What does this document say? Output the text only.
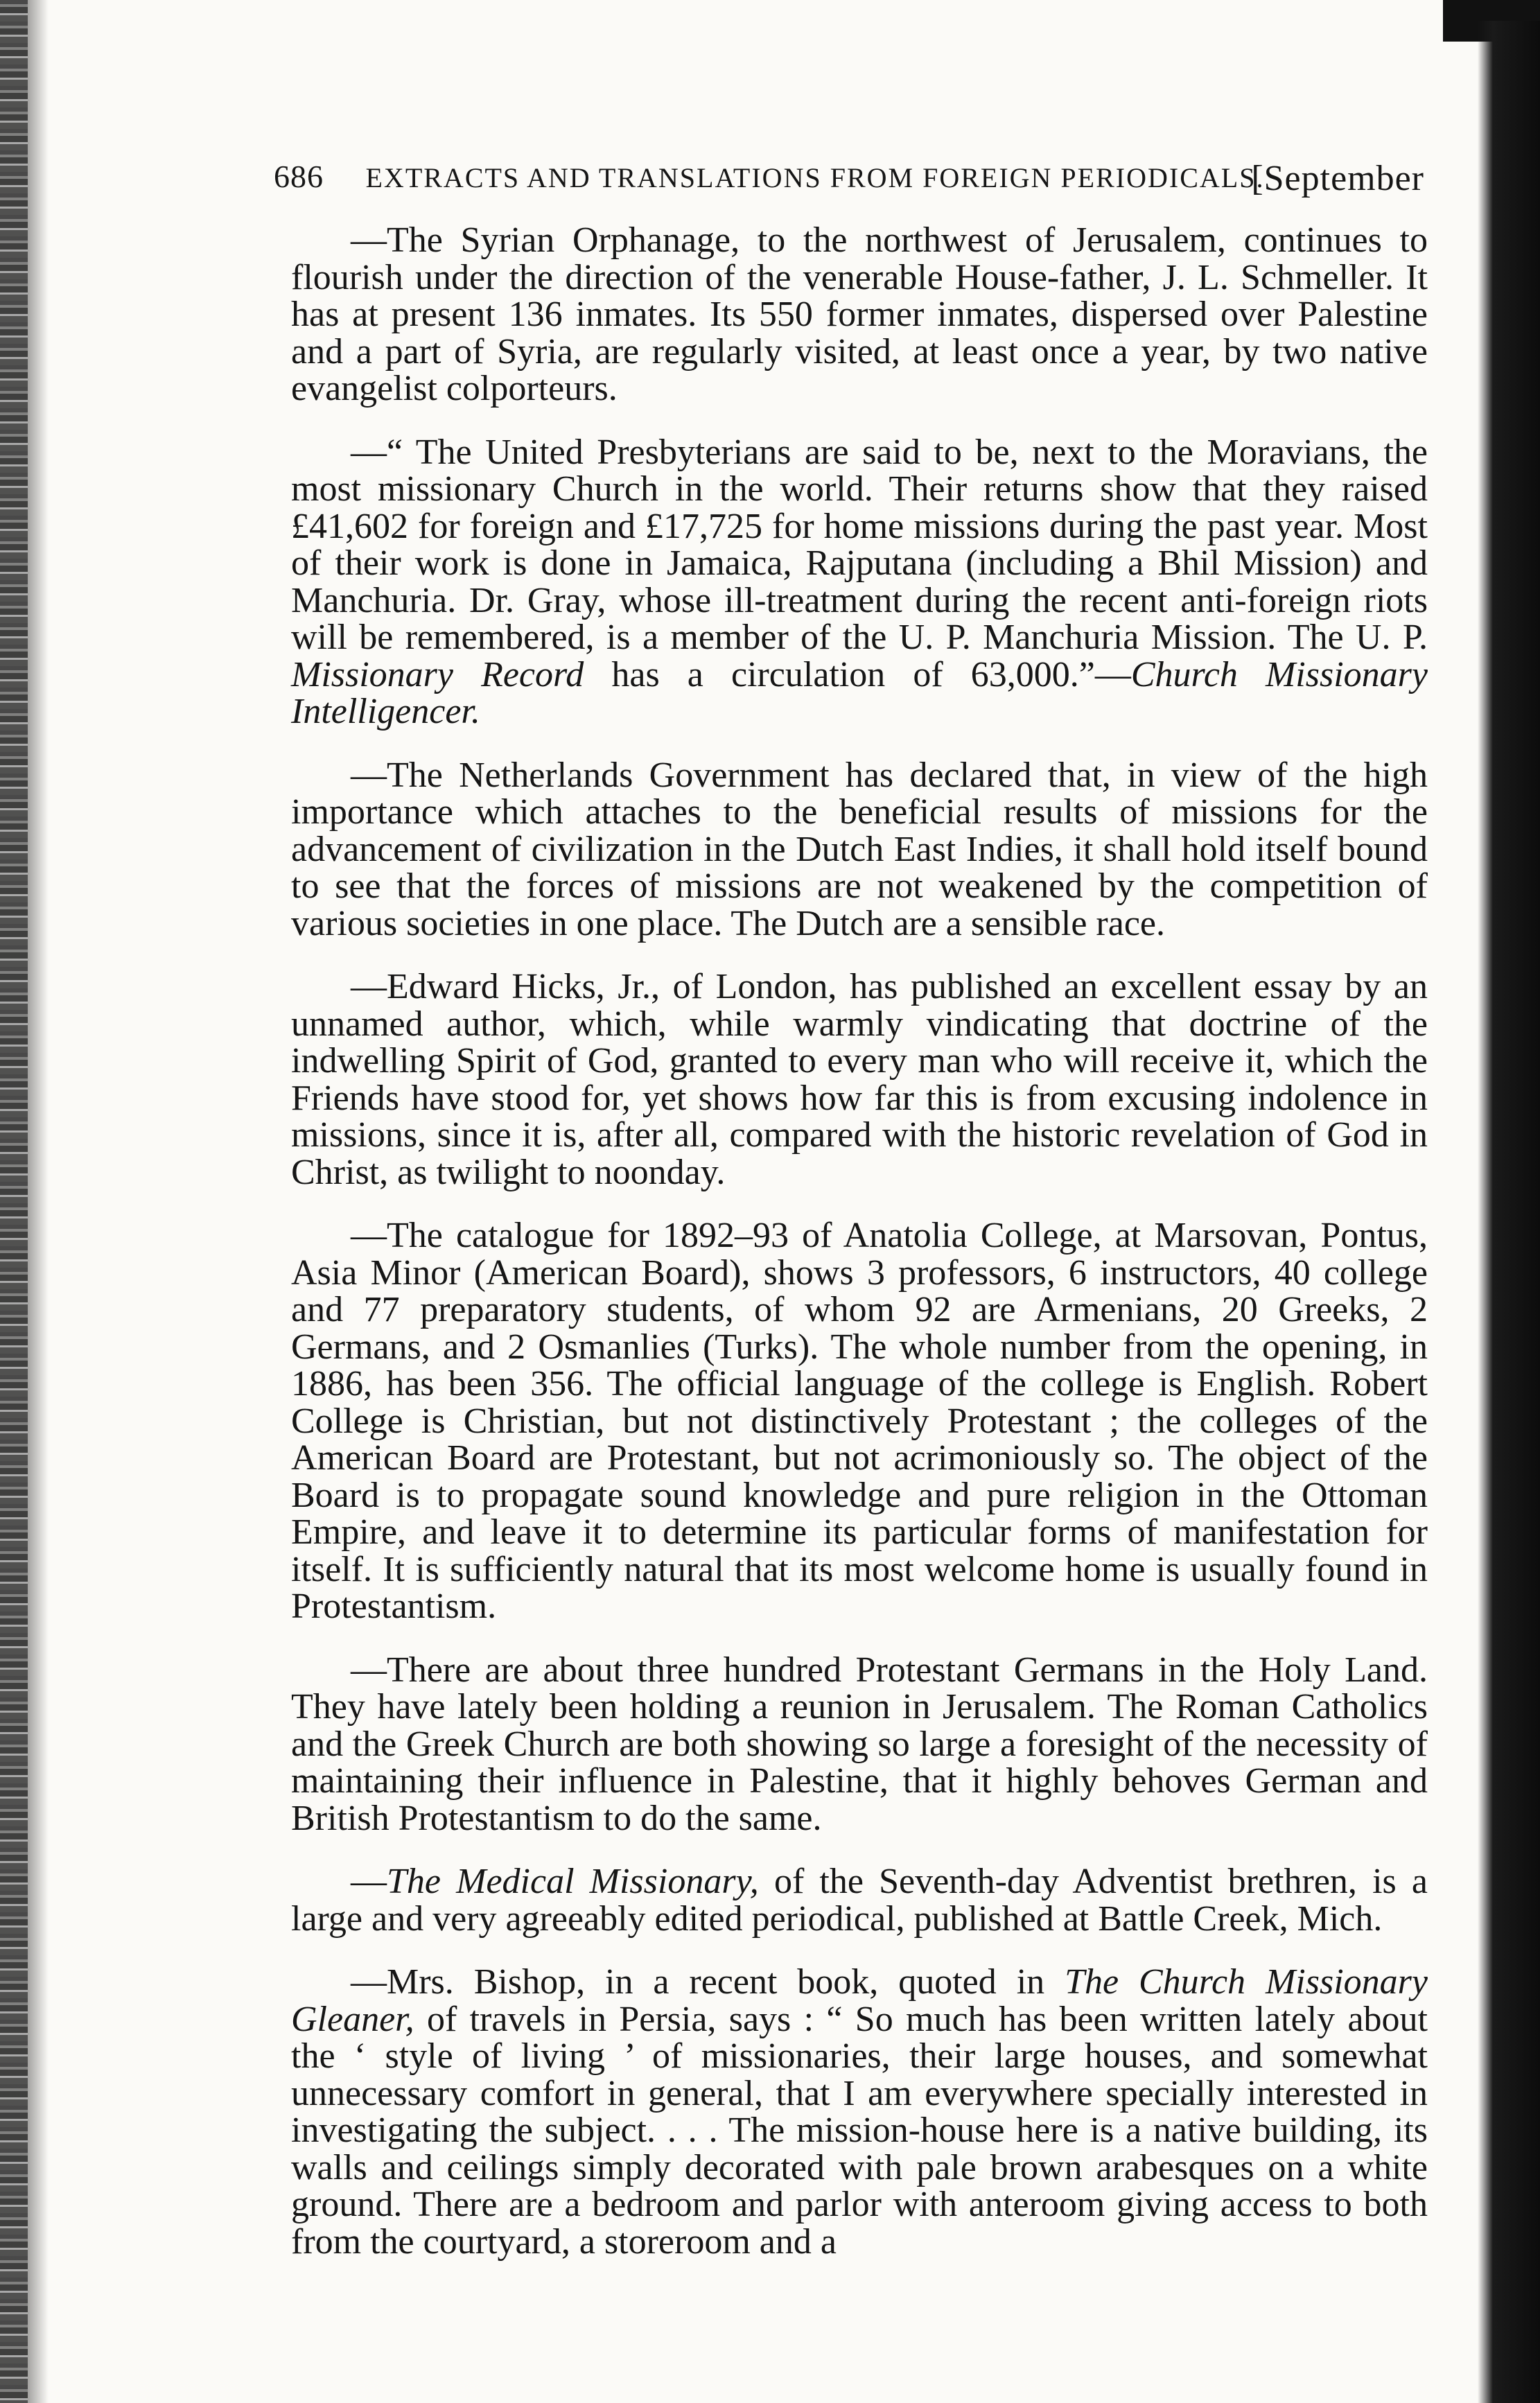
686 EXTRACTS AND TRANSLATIONS FROM FOREIGN PERIODICALS.
[September

—The Syrian Orphanage, to the northwest of Jerusalem, continues to flourish under the direction of the venerable House-father, J. L. Schmeller. It has at present 136 inmates. Its 550 former inmates, dispersed over Palestine and a part of Syria, are regularly visited, at least once a year, by two native evangelist colporteurs.

—“ The United Presbyterians are said to be, next to the Moravians, the most missionary Church in the world. Their returns show that they raised £41,602 for foreign and £17,725 for home missions during the past year. Most of their work is done in Jamaica, Rajputana (including a Bhil Mission) and Manchuria. Dr. Gray, whose ill-treatment during the recent anti-foreign riots will be remembered, is a member of the U. P. Manchuria Mission. The U. P. Missionary Record has a circulation of 63,000.”—Church Missionary Intelligencer.

—The Netherlands Government has declared that, in view of the high importance which attaches to the beneficial results of missions for the advancement of civilization in the Dutch East Indies, it shall hold itself bound to see that the forces of missions are not weakened by the competition of various societies in one place. The Dutch are a sensible race.

—Edward Hicks, Jr., of London, has published an excellent essay by an unnamed author, which, while warmly vindicating that doctrine of the indwelling Spirit of God, granted to every man who will receive it, which the Friends have stood for, yet shows how far this is from excusing indolence in missions, since it is, after all, compared with the historic revelation of God in Christ, as twilight to noonday.

—The catalogue for 1892–93 of Anatolia College, at Marsovan, Pontus, Asia Minor (American Board), shows 3 professors, 6 instructors, 40 college and 77 preparatory students, of whom 92 are Armenians, 20 Greeks, 2 Germans, and 2 Osmanlies (Turks). The whole number from the opening, in 1886, has been 356. The official language of the college is English. Robert College is Christian, but not distinctively Protestant ; the colleges of the American Board are Protestant, but not acrimoniously so. The object of the Board is to propagate sound knowledge and pure religion in the Ottoman Empire, and leave it to determine its particular forms of manifestation for itself. It is sufficiently natural that its most welcome home is usually found in Protestantism.

—There are about three hundred Protestant Germans in the Holy Land. They have lately been holding a reunion in Jerusalem. The Roman Catholics and the Greek Church are both showing so large a foresight of the necessity of maintaining their influence in Palestine, that it highly behoves German and British Protestantism to do the same.

—The Medical Missionary, of the Seventh-day Adventist brethren, is a large and very agreeably edited periodical, published at Battle Creek, Mich.

—Mrs. Bishop, in a recent book, quoted in The Church Missionary Gleaner, of travels in Persia, says : “ So much has been written lately about the ‘ style of living ’ of missionaries, their large houses, and somewhat unnecessary comfort in general, that I am everywhere specially interested in investigating the subject. . . . The mission-house here is a native building, its walls and ceilings simply decorated with pale brown arabesques on a white ground. There are a bedroom and parlor with anteroom giving access to both from the courtyard, a storeroom and a
